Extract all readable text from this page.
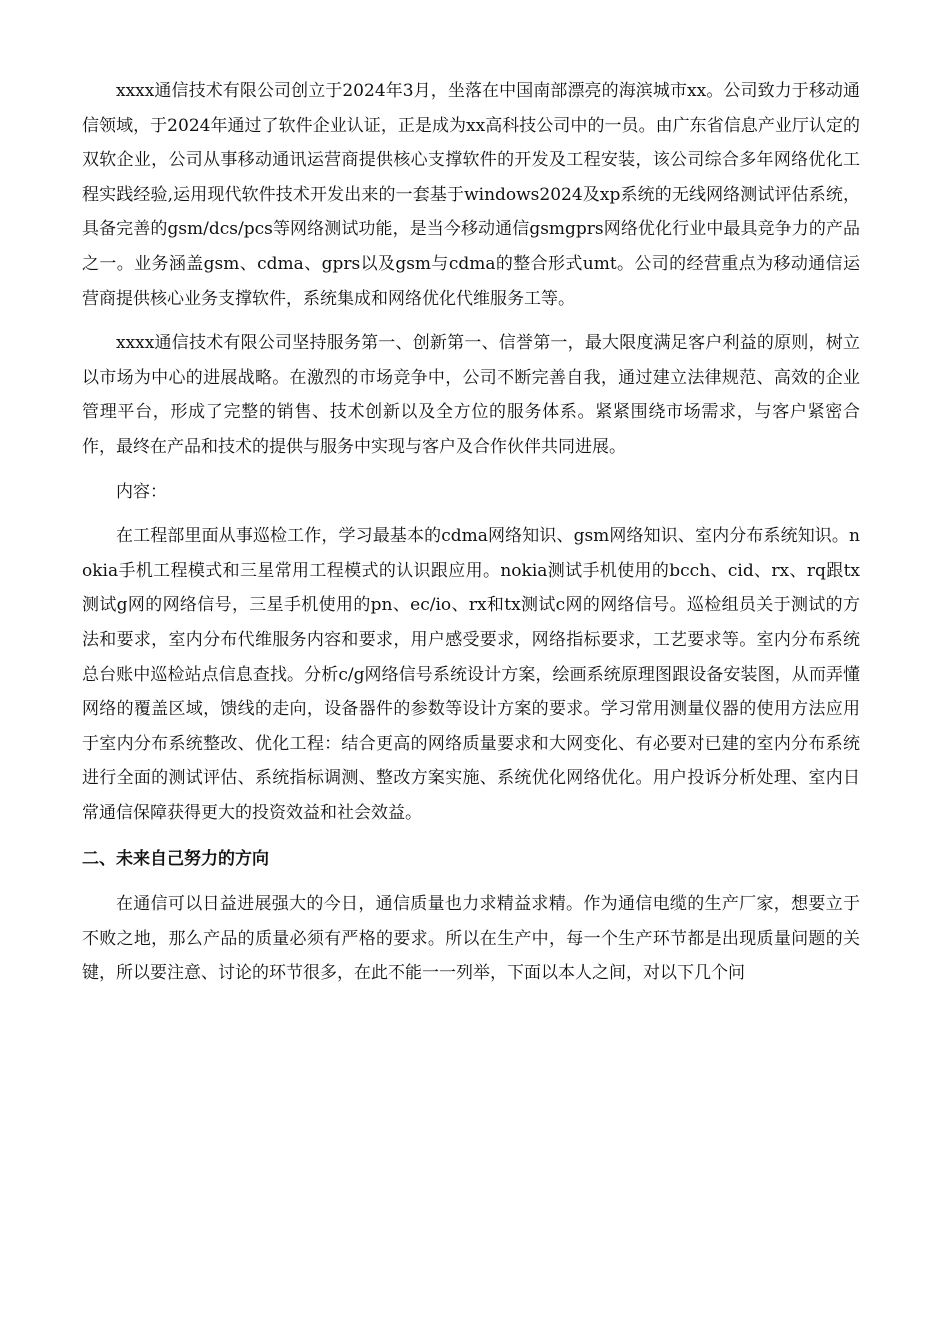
xxxx通信技术有限公司创立于2024年3月，坐落在中国南部漂亮的海滨城市xx。公司致力于移动通信领域，于2024年通过了软件企业认证，正是成为xx高科技公司中的一员。由广东省信息产业厅认定的双软企业，公司从事移动通讯运营商提供核心支撑软件的开发及工程安装，该公司综合多年网络优化工程实践经验,运用现代软件技术开发出来的一套基于windows2024及xp系统的无线网络测试评估系统，具备完善的gsm/dcs/pcs等网络测试功能，是当今移动通信gsmgprs网络优化行业中最具竞争力的产品之一。业务涵盖gsm、cdma、gprs以及gsm与cdma的整合形式umt。公司的经营重点为移动通信运营商提供核心业务支撑软件，系统集成和网络优化代维服务工等。

xxxx通信技术有限公司坚持服务第一、创新第一、信誉第一，最大限度满足客户利益的原则，树立以市场为中心的进展战略。在激烈的市场竞争中，公司不断完善自我，通过建立法律规范、高效的企业管理平台，形成了完整的销售、技术创新以及全方位的服务体系。紧紧围绕市场需求，与客户紧密合作，最终在产品和技术的提供与服务中实现与客户及合作伙伴共同进展。

内容：

在工程部里面从事巡检工作，学习最基本的cdma网络知识、gsm网络知识、室内分布系统知识。nokia手机工程模式和三星常用工程模式的认识跟应用。nokia测试手机使用的bcch、cid、rx、rq跟tx测试g网的网络信号，三星手机使用的pn、ec/io、rx和tx测试c网的网络信号。巡检组员关于测试的方法和要求，室内分布代维服务内容和要求，用户感受要求，网络指标要求，工艺要求等。室内分布系统总台账中巡检站点信息查找。分析c/g网络信号系统设计方案，绘画系统原理图跟设备安装图，从而弄懂网络的覆盖区域，馈线的走向，设备器件的参数等设计方案的要求。学习常用测量仪器的使用方法应用于室内分布系统整改、优化工程：结合更高的网络质量要求和大网变化、有必要对已建的室内分布系统进行全面的测试评估、系统指标调测、整改方案实施、系统优化网络优化。用户投诉分析处理、室内日常通信保障获得更大的投资效益和社会效益。

二、未来自己努力的方向

在通信可以日益进展强大的今日，通信质量也力求精益求精。作为通信电缆的生产厂家，想要立于不败之地，那么产品的质量必须有严格的要求。所以在生产中，每一个生产环节都是出现质量问题的关键，所以要注意、讨论的环节很多，在此不能一一列举，下面以本人之间，对以下几个问
